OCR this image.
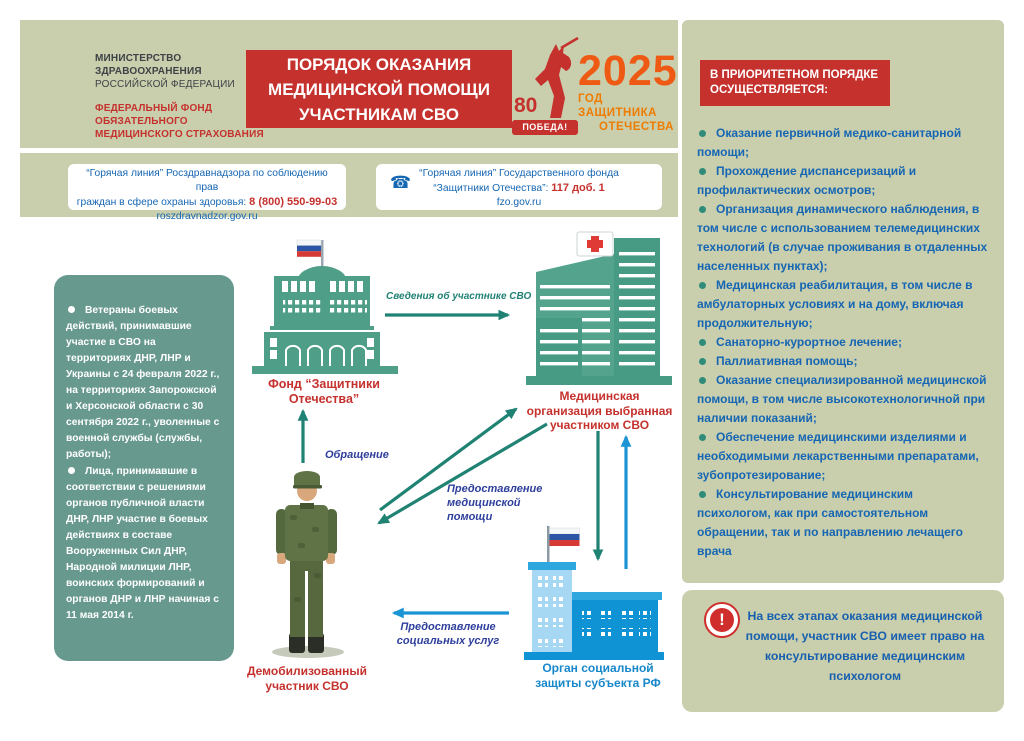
МИНИСТЕРСТВО
ЗДРАВООХРАНЕНИЯ
РОССИЙСКОЙ ФЕДЕРАЦИИ
ФЕДЕРАЛЬНЫЙ ФОНД
ОБЯЗАТЕЛЬНОГО
МЕДИЦИНСКОГО СТРАХОВАНИЯ
ПОРЯДОК ОКАЗАНИЯ
МЕДИЦИНСКОЙ ПОМОЩИ
УЧАСТНИКАМ СВО	80
ПОБЕДА!
2025
ГОД ЗАЩИТНИКА
ОТЕЧЕСТВА
“Горячая линия” Росздравнадзора по соблюдению прав
граждан в сфере охраны здоровья: 8 (800) 550-99-03
roszdravnadzor.gov.ru
☎ “Горячая линия” Государственного фонда
“Защитники Отечества”: 117 доб. 1
fzo.gov.ru
Ветераны боевых действий, принимавшие участие в СВО на территориях ДНР, ЛНР и Украины с 24 февраля 2022 г., на территориях Запорожской и Херсонской области с 30 сентября 2022 г., уволенные с военной службы (службы, работы);
Лица, принимавшие в соответствии с решениями органов публичной власти ДНР, ЛНР участие в боевых действиях в составе Вооруженных Сил ДНР, Народной милиции ЛНР, воинских формирований и органов ДНР и ЛНР начиная с 11 мая 2014 г.
Фонд “Защитники Отечества”	Медицинская организация выбранная участником СВО
Орган социальной защиты субъекта РФ
Демобилизованный участник СВО
Сведения об участнике СВО
Обращение
Предоставление медицинской помощи
Предоставление социальных услуг
В ПРИОРИТЕТНОМ ПОРЯДКЕ
ОСУЩЕСТВЛЯЕТСЯ:
Оказание первичной медико-санитарной помощи;
Прохождение диспансеризаций и профилактических осмотров;
Организация динамического наблюдения, в том числе с использованием телемедицинских технологий (в случае проживания в отдаленных населенных пунктах);
Медицинская реабилитация, в том числе в амбулаторных условиях и на дому, включая продолжительную;
Санаторно-курортное лечение;
Паллиативная помощь;
Оказание специализированной медицинской помощи, в том числе высокотехнологичной при наличии показаний;
Обеспечение медицинскими изделиями и необходимыми лекарственными препаратами, зубопротезирование;
Консультирование медицинским психологом, как при самостоятельном обращении, так и по направлению лечащего врача
!	На всех этапах оказания медицинской помощи, участник СВО имеет право на консультирование медицинским психологом
